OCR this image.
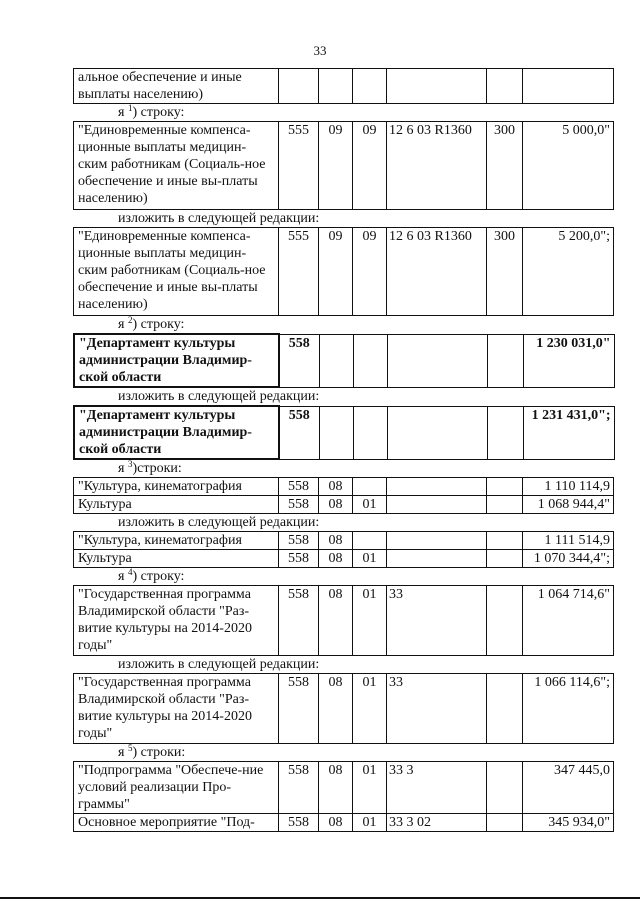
33
альное обеспечение и иные выплаты населению)						
я $^1$) строку:
"Единовременные компенса-ционные выплаты медицин-ским работникам (Социаль-ное обеспечение и иные вы-платы населению)	555	09	09	12 6 03 R1360	300	5 000,0"
изложить в следующей редакции:
"Единовременные компенса-ционные выплаты медицин-ским работникам (Социаль-ное обеспечение и иные вы-платы населению)	555	09	09	12 6 03 R1360	300	5 200,0";
я $^2$) строку:
"Департамент культуры администрации Владимир-ской области	558					1 230 031,0"
изложить в следующей редакции:
"Департамент культуры администрации Владимир-ской области	558					1 231 431,0";
я $^3$)строки:
"Культура, кинематография	558	08				1 110 114,9
Культура	558	08	01			1 068 944,4"
изложить в следующей редакции:
"Культура, кинематография	558	08				1 111 514,9
Культура	558	08	01			1 070 344,4";
я $^4$) строку:
"Государственная программа Владимирской области "Раз-витие культуры на 2014-2020 годы"	558	08	01	33		1 064 714,6"
изложить в следующей редакции:
"Государственная программа Владимирской области "Раз-витие культуры на 2014-2020 годы"	558	08	01	33		1 066 114,6";
я $^5$) строки:
"Подпрограмма "Обеспече-ние условий реализации Про-граммы"	558	08	01	33 3		347 445,0
Основное мероприятие "Под-	558	08	01	33 3 02		345 934,0"
